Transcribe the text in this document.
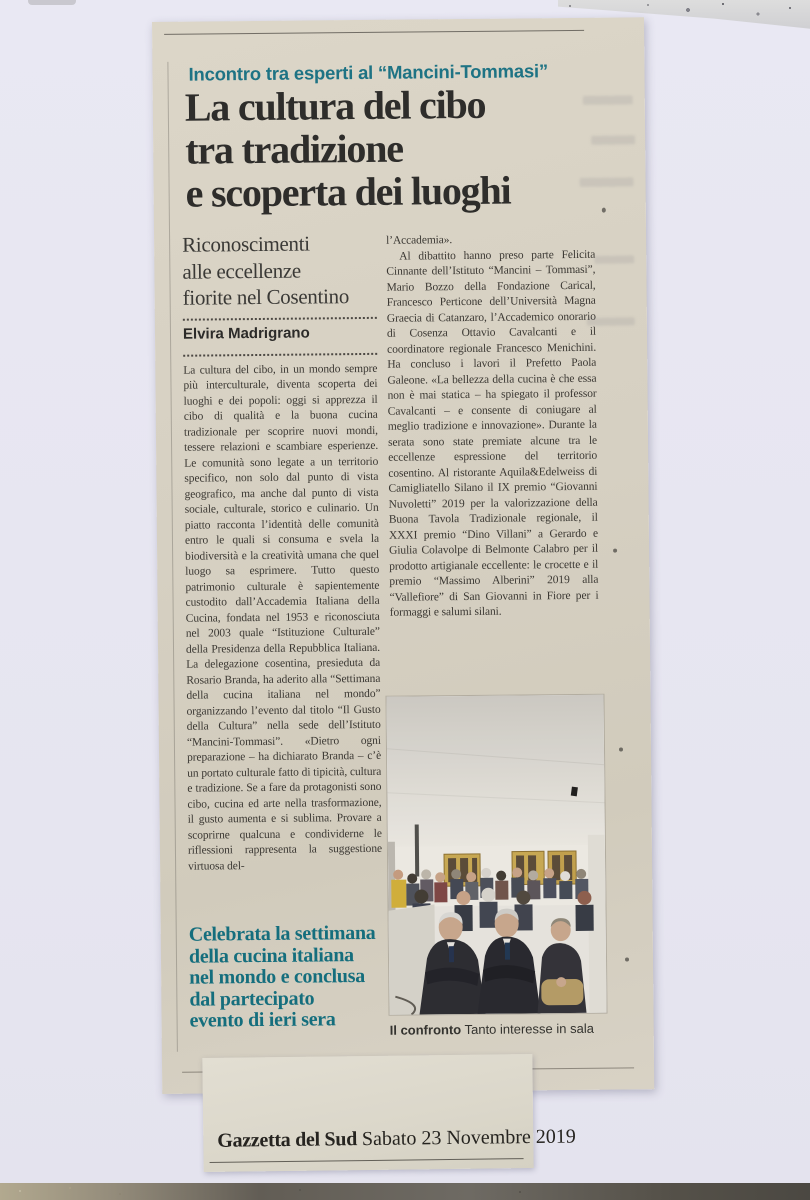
Incontro tra esperti al “Mancini-Tommasi”
La cultura del cibo
tra tradizione
e scoperta dei luoghi
Riconoscimenti
alle eccellenze
fiorite nel Cosentino
Elvira Madrigrano

La cultura del cibo, in un mondo sempre più interculturale, diventa scoperta dei luoghi e dei popoli: oggi si apprezza il cibo di qualità e la buona cucina tradizionale per scoprire nuovi mondi, tessere relazioni e scambiare esperienze. Le comunità sono legate a un territorio specifico, non solo dal punto di vista geografico, ma anche dal punto di vista sociale, culturale, storico e culinario. Un piatto racconta l’identità delle comunità entro le quali si consuma e svela la biodiversità e la creatività umana che quel luogo sa esprimere. Tutto questo patrimonio culturale è sapientemente custodito dall’Accademia Italiana della Cucina, fondata nel 1953 e riconosciuta nel 2003 quale “Istituzione Culturale” della Presidenza della Repubblica Italiana. La delegazione cosentina, presieduta da Rosario Branda, ha aderito alla “Settimana della cucina italiana nel mondo” organizzando l’evento dal titolo “Il Gusto della Cultura” nella sede dell’Istituto “Mancini-Tommasi”. «Dietro ogni preparazione – ha dichiarato Branda – c’è un portato culturale fatto di tipicità, cultura e tradizione. Se a fare da protagonisti sono cibo, cucina ed arte nella trasformazione, il gusto aumenta e si sublima. Provare a scoprirne qualcuna e condividerne le riflessioni rappresenta la suggestione virtuosa del-

Celebrata la settimana
della cucina italiana
nel mondo e conclusa
dal partecipato
evento di ieri sera

l’Accademia».

Al dibattito hanno preso parte Felicita Cinnante dell’Istituto “Mancini – Tommasi”, Mario Bozzo della Fondazione Carical, Francesco Perticone dell’Università Magna Graecia di Catanzaro, l’Accademico onorario di Cosenza Ottavio Cavalcanti e il coordinatore regionale Francesco Menichini. Ha concluso i lavori il Prefetto Paola Galeone. «La bellezza della cucina è che essa non è mai statica – ha spiegato il professor Cavalcanti – e consente di coniugare al meglio tradizione e innovazione». Durante la serata sono state premiate alcune tra le eccellenze espressione del territorio cosentino. Al ristorante Aquila&Edelweiss di Camigliatello Silano il IX premio “Giovanni Nuvoletti” 2019 per la valorizzazione della Buona Tavola Tradizionale regionale, il XXXI premio “Dino Villani” a Gerardo e Giulia Colavolpe di Belmonte Calabro per il prodotto artigianale eccellente: le crocette e il premio “Massimo Alberini” 2019 alla “Vallefiore” di San Giovanni in Fiore per i formaggi e salumi silani.

Il confronto Tanto interesse in sala
Gazzetta del Sud Sabato 23 Novembre 2019
